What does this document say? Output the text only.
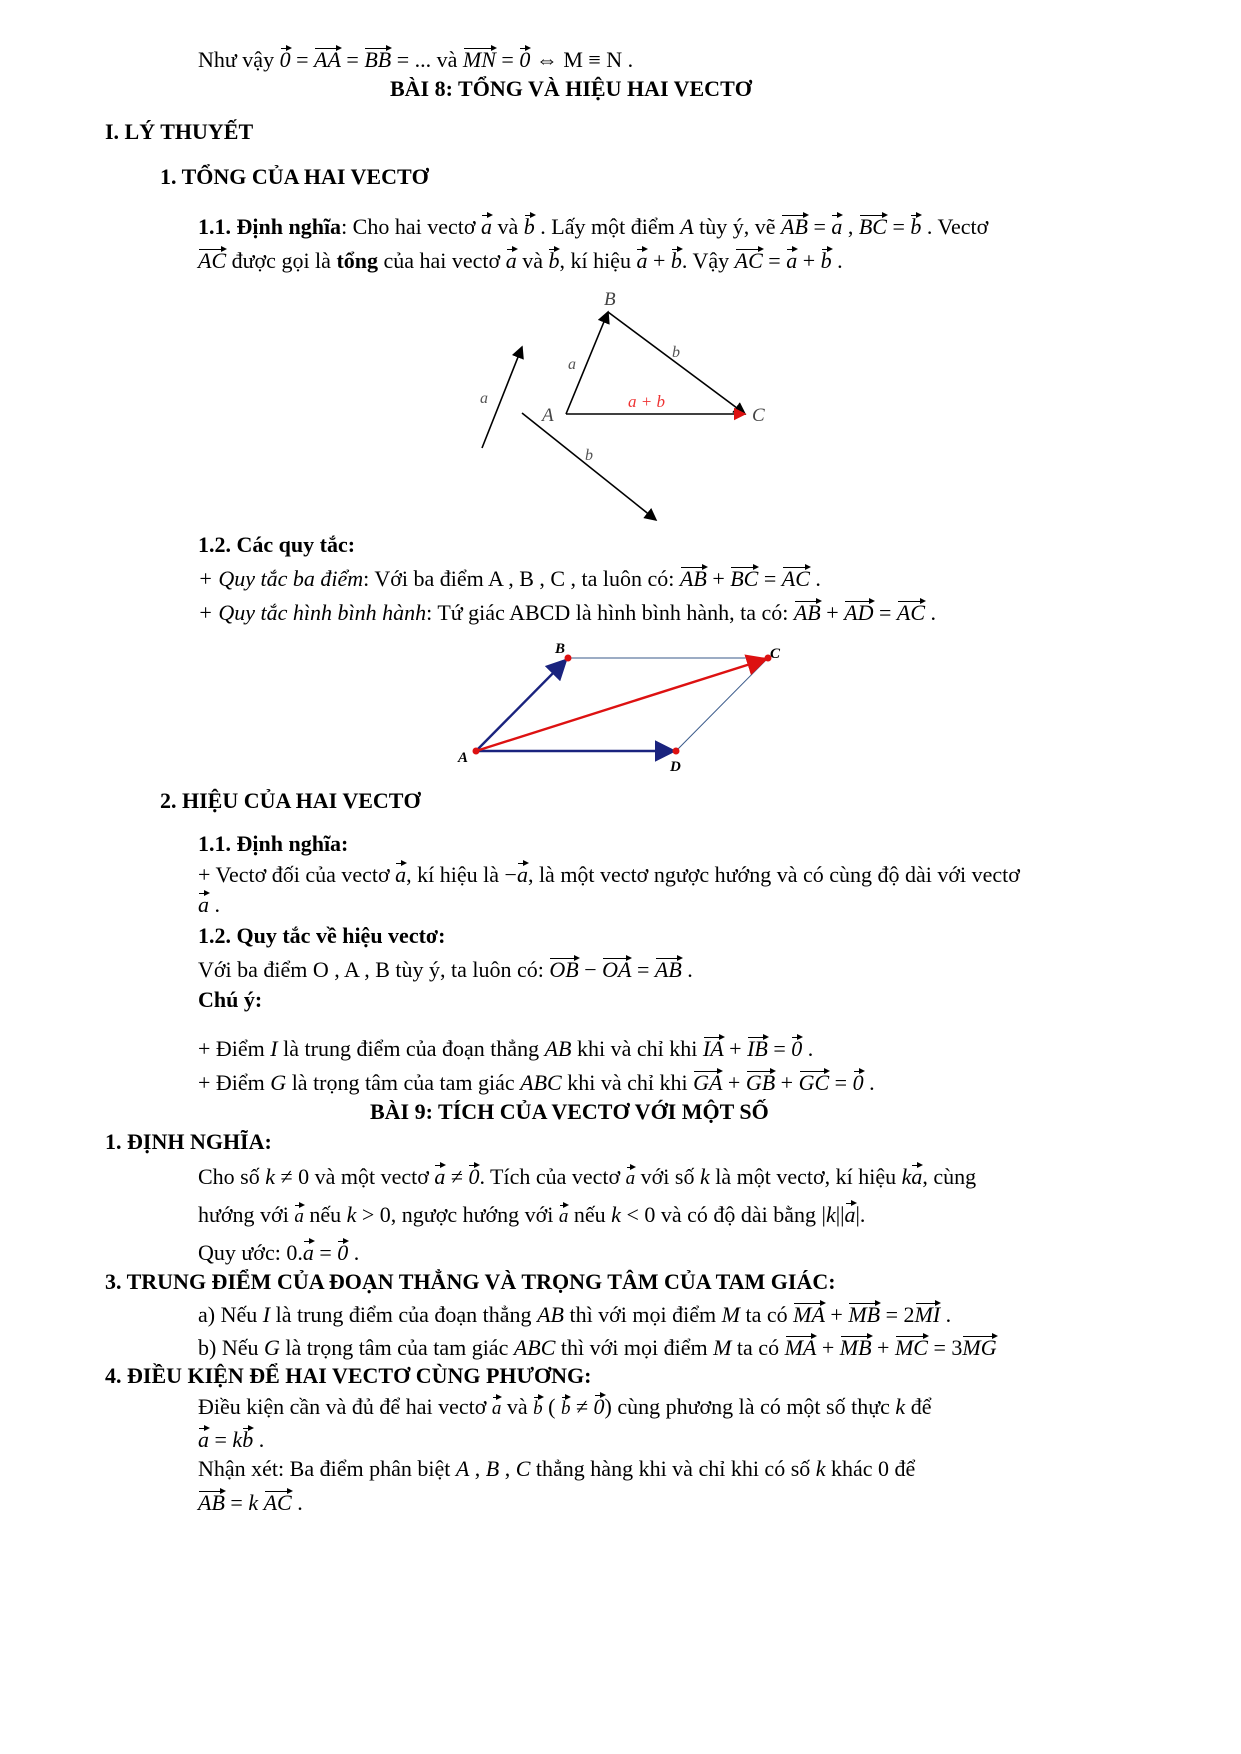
Như vậy 0 = AA = BB = ... và MN = 0 ⇔ M ≡ N .
BÀI 8: TỔNG VÀ HIỆU HAI VECTƠ
I. LÝ THUYẾT
1. TỔNG CỦA HAI VECTƠ
1.1. Định nghĩa: Cho hai vectơ a và b . Lấy một điểm A tùy ý, vẽ AB = a , BC = b . Vectơ
AC được gọi là tổng của hai vectơ a và b, kí hiệu a + b. Vậy AC = a + b .
B
A	C
a
a
b
b
a + b
1.2. Các quy tắc:
+ Quy tắc ba điểm: Với ba điểm A , B , C , ta luôn có: AB + BC = AC .
+ Quy tắc hình bình hành: Tứ giác ABCD là hình bình hành, ta có: AB + AD = AC .
B	C
A
D
2. HIỆU CỦA HAI VECTƠ
1.1. Định nghĩa:
+ Vectơ đối của vectơ a, kí hiệu là −a, là một vectơ ngược hướng và có cùng độ dài với vectơ
a .
1.2. Quy tắc về hiệu vectơ:
Với ba điểm O , A , B tùy ý, ta luôn có: OB − OA = AB .
Chú ý:
+ Điểm I là trung điểm của đoạn thẳng AB khi và chỉ khi IA + IB = 0 .
+ Điểm G là trọng tâm của tam giác ABC khi và chỉ khi GA + GB + GC = 0 .
BÀI 9: TÍCH CỦA VECTƠ VỚI MỘT SỐ
1. ĐỊNH NGHĨA:
Cho số k ≠ 0 và một vectơ a ≠ 0. Tích của vectơ a với số k là một vectơ, kí hiệu ka, cùng
hướng với a nếu k > 0, ngược hướng với a nếu k < 0 và có độ dài bằng |k||a|.
Quy ước: 0.a = 0 .
3. TRUNG ĐIỂM CỦA ĐOẠN THẲNG VÀ TRỌNG TÂM CỦA TAM GIÁC:
a) Nếu I là trung điểm của đoạn thẳng AB thì với mọi điểm M ta có MA + MB = 2MI .
b) Nếu G là trọng tâm của tam giác ABC thì với mọi điểm M ta có MA + MB + MC = 3MG
4. ĐIỀU KIỆN ĐỂ HAI VECTƠ CÙNG PHƯƠNG:
Điều kiện cần và đủ để hai vectơ a và b ( b ≠ 0) cùng phương là có một số thực k để
a = kb .
Nhận xét: Ba điểm phân biệt A , B , C thẳng hàng khi và chỉ khi có số k khác 0 để
AB = k AC .
